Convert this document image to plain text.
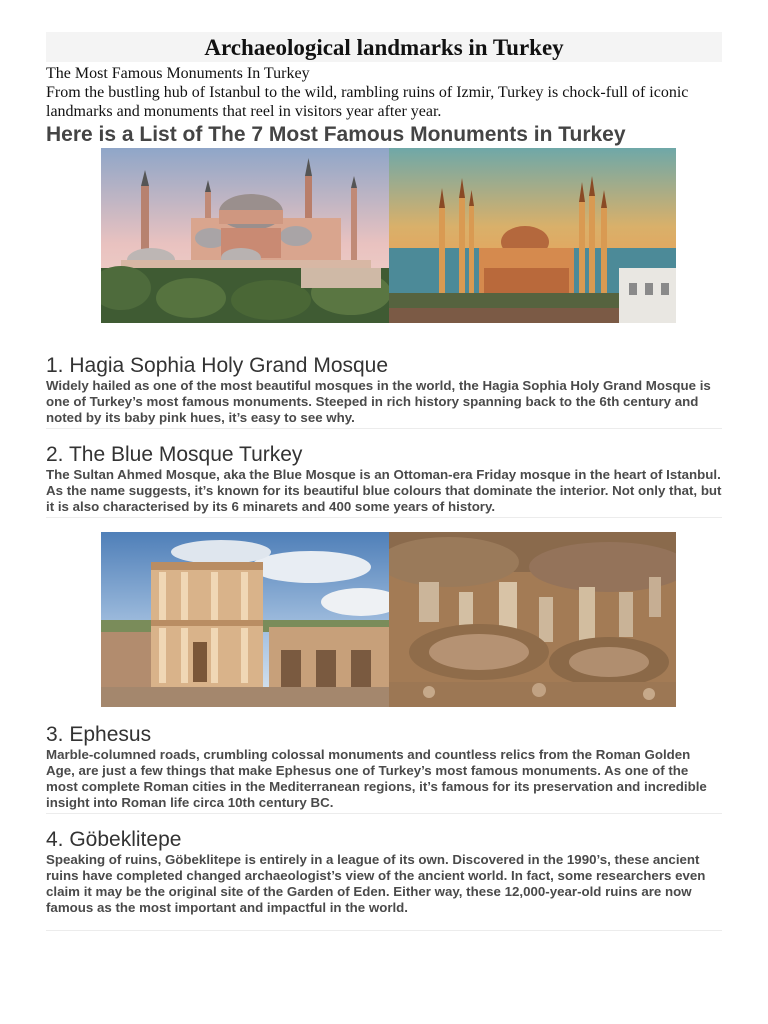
Archaeological landmarks in Turkey

The Most Famous Monuments In Turkey

From the bustling hub of Istanbul to the wild, rambling ruins of Izmir, Turkey is chock-full of iconic landmarks and monuments that reel in visitors year after year.

Here is a List of The 7 Most Famous Monuments in Turkey

1. Hagia Sophia Holy Grand Mosque

Widely hailed as one of the most beautiful mosques in the world, the Hagia Sophia Holy Grand Mosque is one of Turkey’s most famous monuments. Steeped in rich history spanning back to the 6th century and noted by its baby pink hues, it’s easy to see why.

2. The Blue Mosque Turkey

The Sultan Ahmed Mosque, aka the Blue Mosque is an Ottoman-era Friday mosque in the heart of Istanbul. As the name suggests, it’s known for its beautiful blue colours that dominate the interior. Not only that, but it is also characterised by its 6 minarets and 400 some years of history.

3. Ephesus

Marble-columned roads, crumbling colossal monuments and countless relics from the Roman Golden Age, are just a few things that make Ephesus one of Turkey’s most famous monuments. As one of the most complete Roman cities in the Mediterranean regions, it’s famous for its preservation and incredible insight into Roman life circa 10th century BC.

4. Göbeklitepe

Speaking of ruins, Göbeklitepe is entirely in a league of its own. Discovered in the 1990’s, these ancient ruins have completed changed archaeologist’s view of the ancient world. In fact, some researchers even claim it may be the original site of the Garden of Eden. Either way, these 12,000-year-old ruins are now famous as the most important and impactful in the world.
